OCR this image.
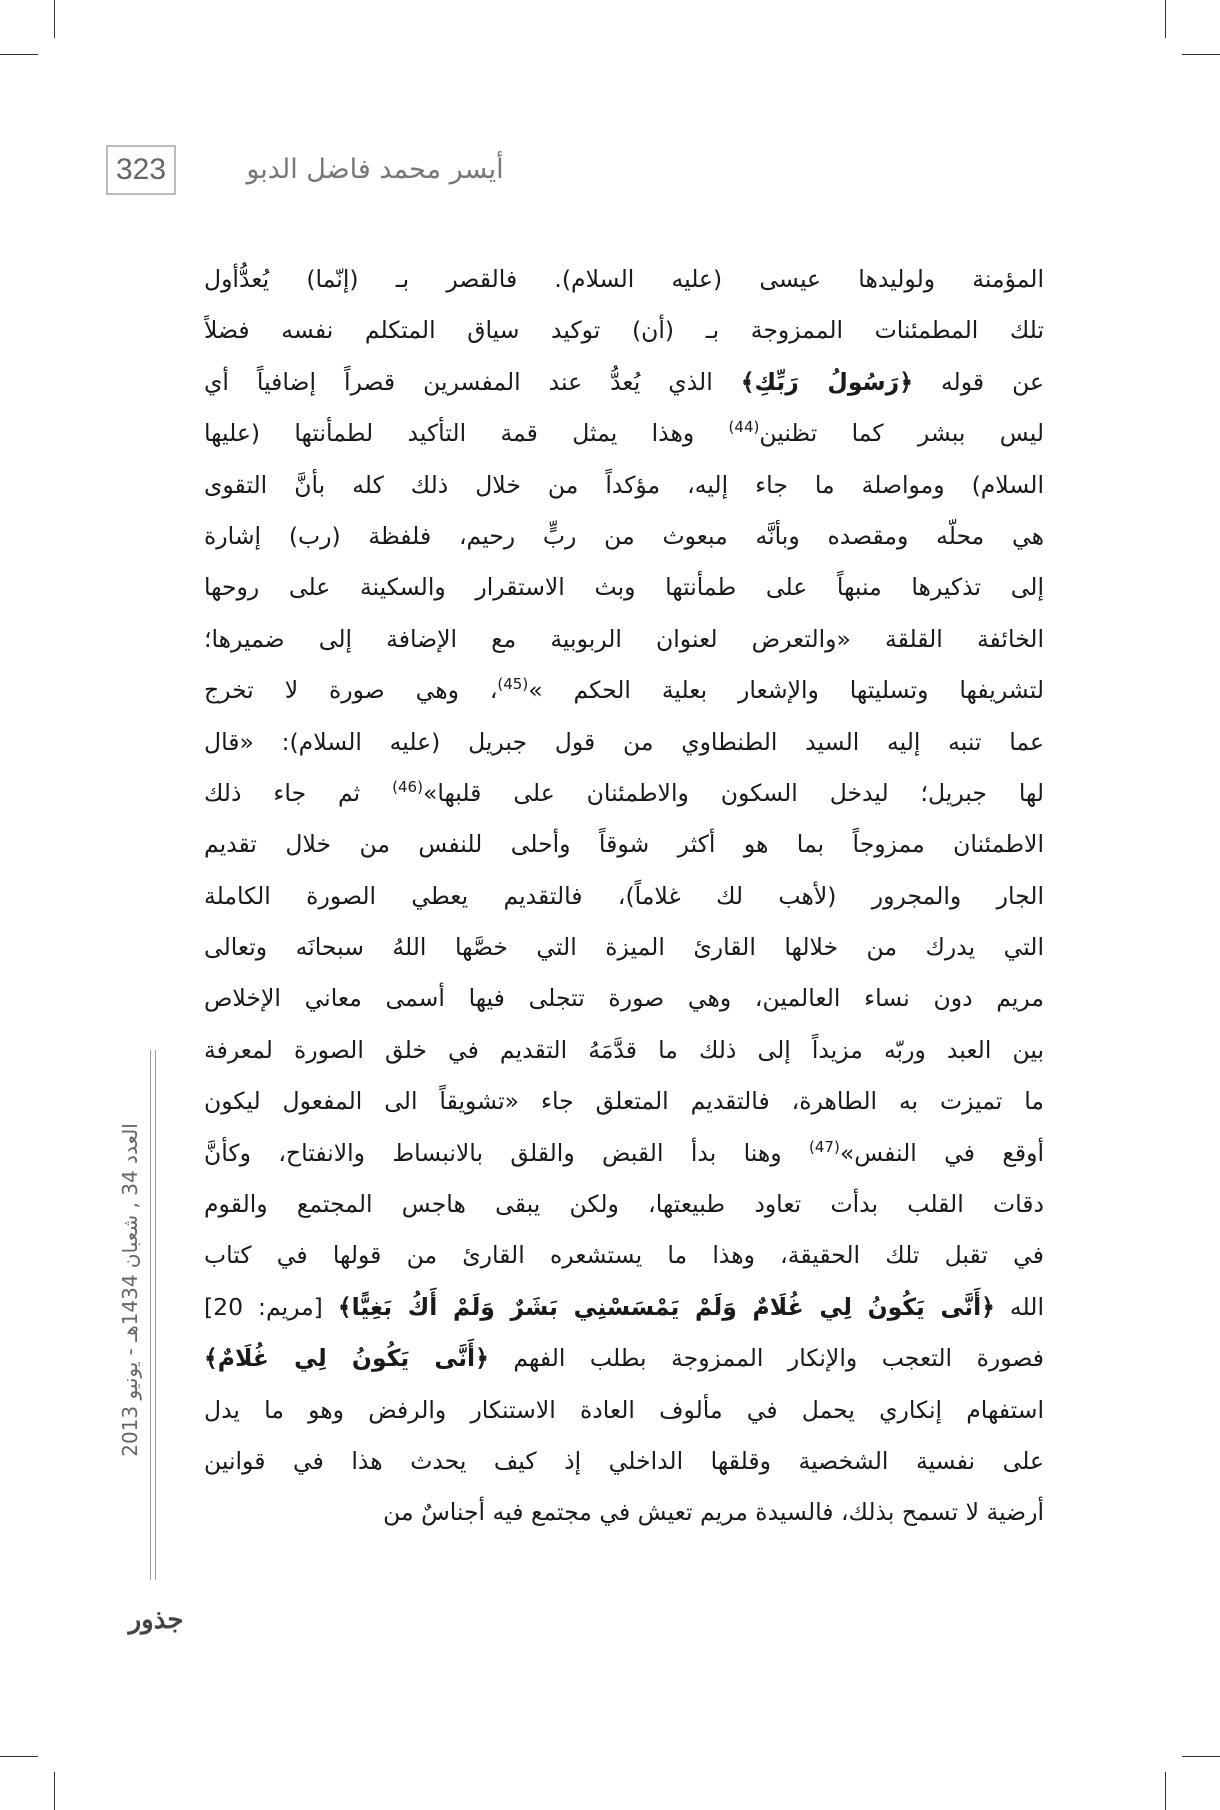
323	أيسر محمد فاضل الدبو
المؤمنة ولوليدها عيسى (عليه السلام). فالقصر بـ (إنّما) يُعدُّأول
تلك المطمئنات الممزوجة بـ (أن) توكيد سياق المتكلم نفسه فضلاً
عن قوله ﴿رَسُولُ رَبِّكِ﴾ الذي يُعدُّ عند المفسرين قصراً إضافياً أي
ليس ببشر كما تظنين$^{(44)}$ وهذا يمثل قمة التأكيد لطمأنتها (عليها
السلام) ومواصلة ما جاء إليه، مؤكداً من خلال ذلك كله بأنَّ التقوى
هي محلّه ومقصده وبأنَّه مبعوث من ربٍّ رحيم، فلفظة (رب) إشارة
إلى تذكيرها منبهاً على طمأنتها وبث الاستقرار والسكينة على روحها
الخائفة القلقة «والتعرض لعنوان الربوبية مع الإضافة إلى ضميرها؛
لتشريفها وتسليتها والإشعار بعلية الحكم »$^{(45)}$، وهي صورة لا تخرج
عما تنبه إليه السيد الطنطاوي من قول جبريل (عليه السلام): «قال
لها جبريل؛ ليدخل السكون والاطمئنان على قلبها»$^{(46)}$ ثم جاء ذلك
الاطمئنان ممزوجاً بما هو أكثر شوقاً وأحلى للنفس من خلال تقديم
الجار والمجرور (لأهب لك غلاماً)، فالتقديم يعطي الصورة الكاملة
التي يدرك من خلالها القارئ الميزة التي خصَّها اللهُ سبحانَه وتعالى
مريم دون نساء العالمين، وهي صورة تتجلى فيها أسمى معاني الإخلاص
بين العبد وربّه مزيداً إلى ذلك ما قدَّمَهُ التقديم في خلق الصورة لمعرفة
ما تميزت به الطاهرة، فالتقديم المتعلق جاء «تشويقاً الى المفعول ليكون
أوقع في النفس»$^{(47)}$ وهنا بدأ القبض والقلق بالانبساط والانفتاح، وكأنَّ
دقات القلب بدأت تعاود طبيعتها، ولكن يبقى هاجس المجتمع والقوم
في تقبل تلك الحقيقة، وهذا ما يستشعره القارئ من قولها في كتاب
الله ﴿أَنَّى يَكُونُ لِي غُلَامٌ وَلَمْ يَمْسَسْنِي بَشَرٌ وَلَمْ أَكُ بَغِيًّا﴾ [مريم: 20]
فصورة التعجب والإنكار الممزوجة بطلب الفهم ﴿أَنَّى يَكُونُ لِي غُلَامٌ﴾
استفهام إنكاري يحمل في مألوف العادة الاستنكار والرفض وهو ما يدل
على نفسية الشخصية وقلقها الداخلي إذ كيف يحدث هذا في قوانين
أرضية لا تسمح بذلك، فالسيدة مريم تعيش في مجتمع فيه أجناسٌ من
العدد 34 , شعبان 1434هـ - يونيو 2013
جذور
